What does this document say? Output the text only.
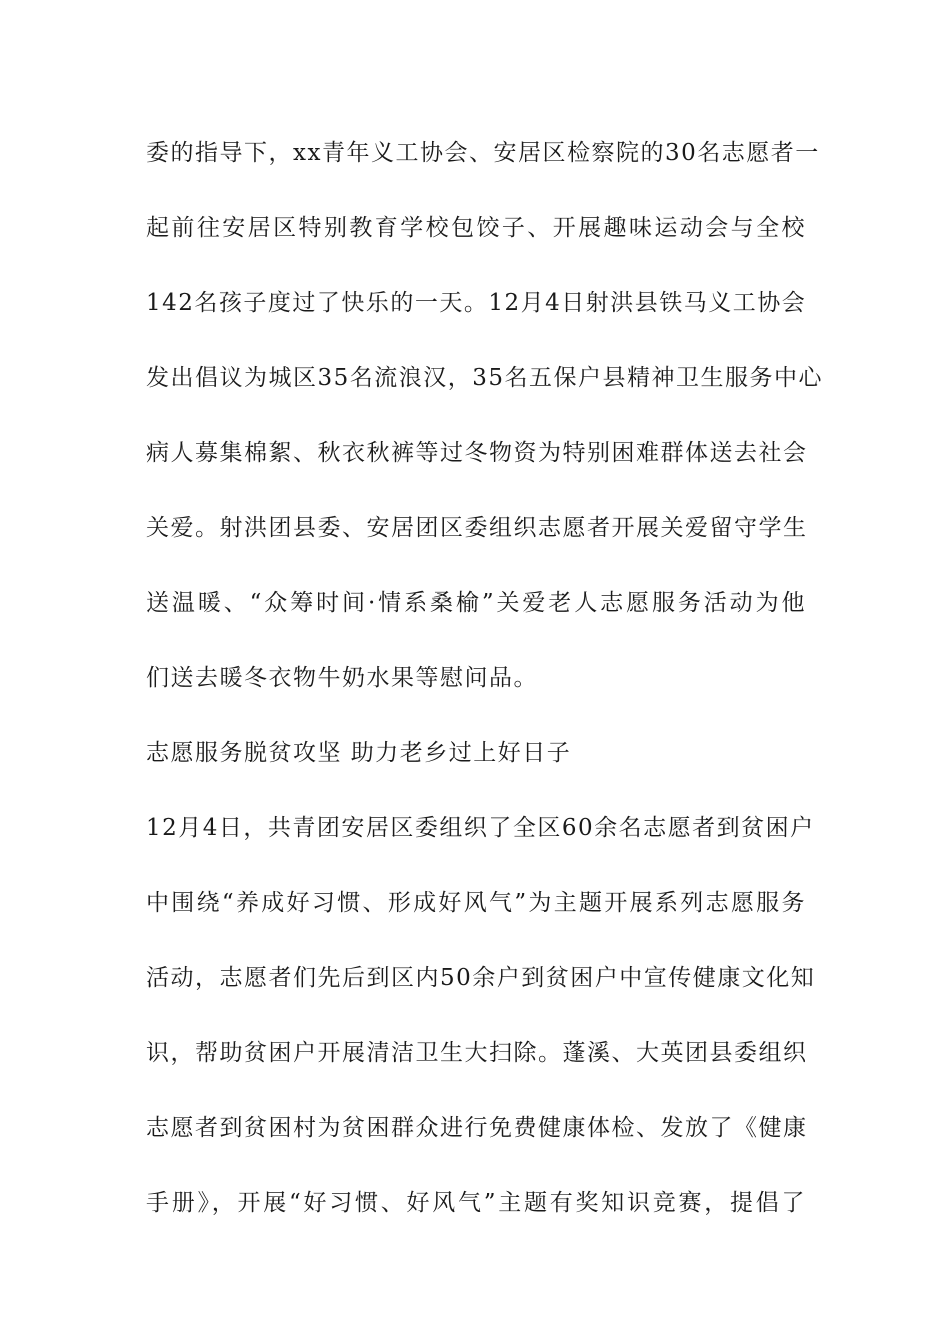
委的指导下，xx青年义工协会、安居区检察院的30名志愿者一
起前往安居区特别教育学校包饺子、开展趣味运动会与全校
142名孩子度过了快乐的一天。12月4日射洪县铁马义工协会
发出倡议为城区35名流浪汉，35名五保户县精神卫生服务中心
病人募集棉絮、秋衣秋裤等过冬物资为特别困难群体送去社会
关爱。射洪团县委、安居团区委组织志愿者开展关爱留守学生
送温暖、“众筹时间·情系桑榆”关爱老人志愿服务活动为他
们送去暖冬衣物牛奶水果等慰问品。
志愿服务脱贫攻坚 助力老乡过上好日子
12月4日，共青团安居区委组织了全区60余名志愿者到贫困户
中围绕“养成好习惯、形成好风气”为主题开展系列志愿服务
活动，志愿者们先后到区内50余户到贫困户中宣传健康文化知
识，帮助贫困户开展清洁卫生大扫除。蓬溪、大英团县委组织
志愿者到贫困村为贫困群众进行免费健康体检、发放了《健康
手册》，开展“好习惯、好风气”主题有奖知识竞赛，提倡了
